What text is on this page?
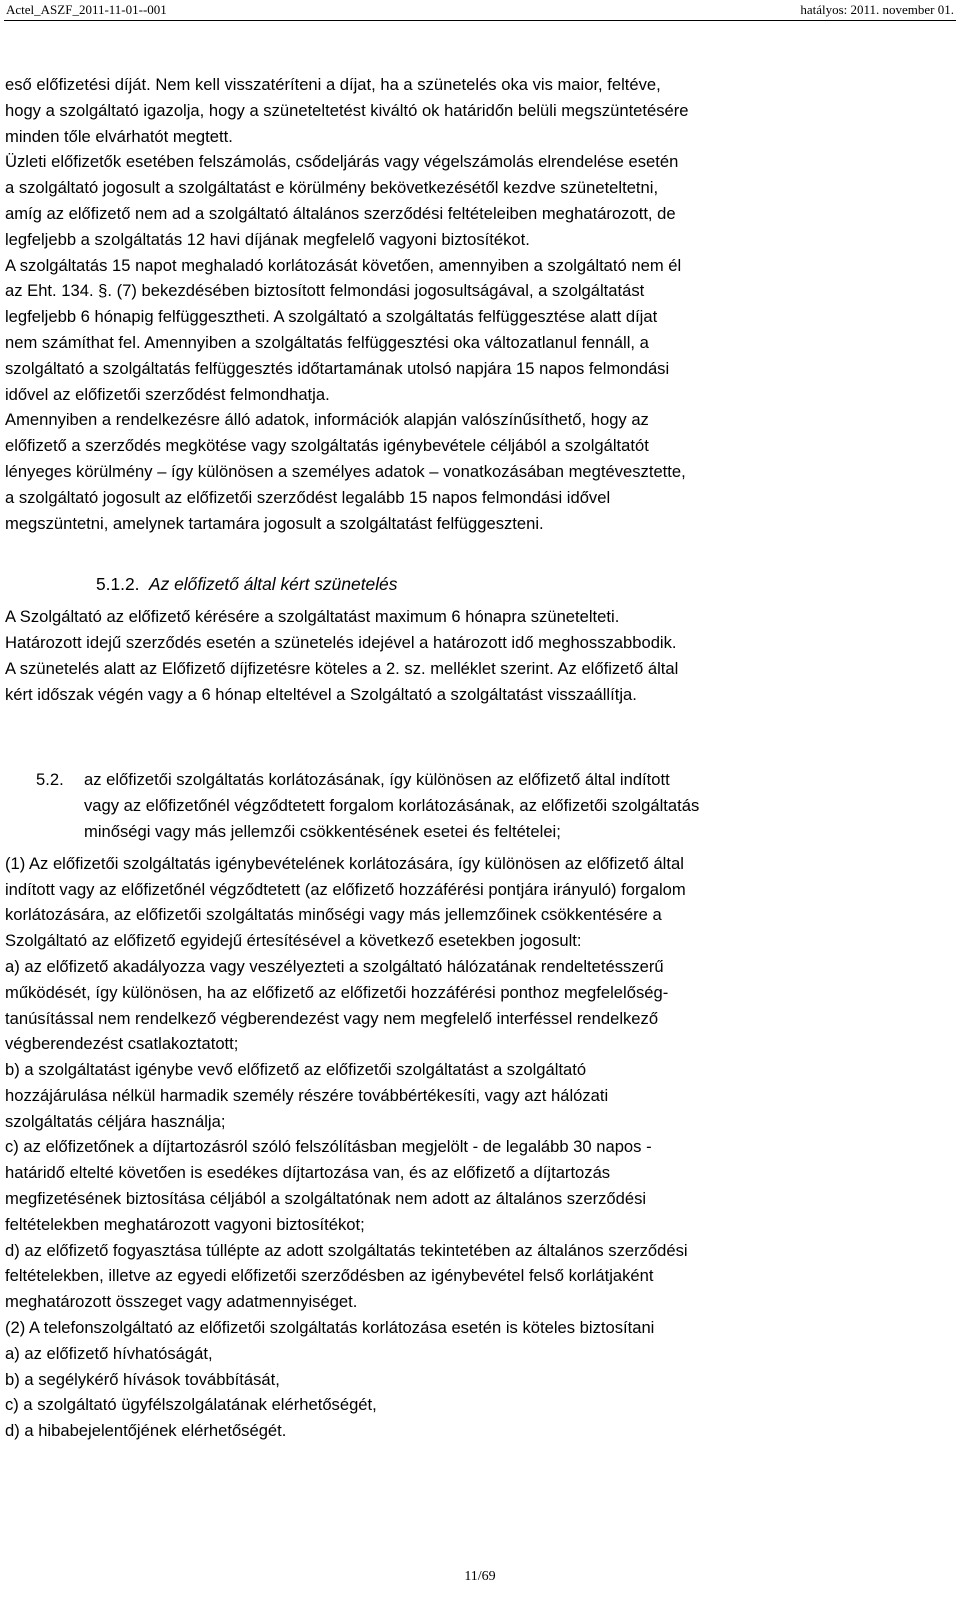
Actel_ASZF_2011-11-01--001	hatályos: 2011. november 01.
eső előfizetési díját. Nem kell visszatéríteni a díjat, ha a szünetelés oka vis maior, feltéve,
hogy a szolgáltató igazolja, hogy a szüneteltetést kiváltó ok határidőn belüli megszüntetésére
minden tőle elvárhatót megtett.
Üzleti előfizetők esetében felszámolás, csődeljárás vagy végelszámolás elrendelése esetén
a szolgáltató jogosult a szolgáltatást e körülmény bekövetkezésétől kezdve szüneteltetni,
amíg az előfizető nem ad a szolgáltató általános szerződési feltételeiben meghatározott, de
legfeljebb a szolgáltatás 12 havi díjának megfelelő vagyoni biztosítékot.
A szolgáltatás 15 napot meghaladó korlátozását követően, amennyiben a szolgáltató nem él
az Eht. 134. §. (7) bekezdésében biztosított felmondási jogosultságával, a szolgáltatást
legfeljebb 6 hónapig felfüggesztheti. A szolgáltató a szolgáltatás felfüggesztése alatt díjat
nem számíthat fel. Amennyiben a szolgáltatás felfüggesztési oka változatlanul fennáll, a
szolgáltató a szolgáltatás felfüggesztés időtartamának utolsó napjára 15 napos felmondási
idővel az előfizetői szerződést felmondhatja.
Amennyiben a rendelkezésre álló adatok, információk alapján valószínűsíthető, hogy az
előfizető a szerződés megkötése vagy szolgáltatás igénybevétele céljából a szolgáltatót
lényeges körülmény – így különösen a személyes adatok – vonatkozásában megtévesztette,
a szolgáltató jogosult az előfizetői szerződést legalább 15 napos felmondási idővel
megszüntetni, amelynek tartamára jogosult a szolgáltatást felfüggeszteni.
5.1.2. Az előfizető által kért szünetelés
A Szolgáltató az előfizető kérésére a szolgáltatást maximum 6 hónapra szünetelteti.
Határozott idejű szerződés esetén a szünetelés idejével a határozott idő meghosszabbodik.
A szünetelés alatt az Előfizető díjfizetésre köteles a 2. sz. melléklet szerint. Az előfizető által
kért időszak végén vagy a 6 hónap elteltével a Szolgáltató a szolgáltatást visszaállítja.
5.2. az előfizetői szolgáltatás korlátozásának, így különösen az előfizető által indított
vagy az előfizetőnél végződtetett forgalom korlátozásának, az előfizetői szolgáltatás
minőségi vagy más jellemzői csökkentésének esetei és feltételei;
(1) Az előfizetői szolgáltatás igénybevételének korlátozására, így különösen az előfizető által
indított vagy az előfizetőnél végződtetett (az előfizető hozzáférési pontjára irányuló) forgalom
korlátozására, az előfizetői szolgáltatás minőségi vagy más jellemzőinek csökkentésére a
Szolgáltató az előfizető egyidejű értesítésével a következő esetekben jogosult:
a) az előfizető akadályozza vagy veszélyezteti a szolgáltató hálózatának rendeltetésszerű
működését, így különösen, ha az előfizető az előfizetői hozzáférési ponthoz megfelelőség-
tanúsítással nem rendelkező végberendezést vagy nem megfelelő interféssel rendelkező
végberendezést csatlakoztatott;
b) a szolgáltatást igénybe vevő előfizető az előfizetői szolgáltatást a szolgáltató
hozzájárulása nélkül harmadik személy részére továbbértékesíti, vagy azt hálózati
szolgáltatás céljára használja;
c) az előfizetőnek a díjtartozásról szóló felszólításban megjelölt - de legalább 30 napos -
határidő eltelté követően is esedékes díjtartozása van, és az előfizető a díjtartozás
megfizetésének biztosítása céljából a szolgáltatónak nem adott az általános szerződési
feltételekben meghatározott vagyoni biztosítékot;
d) az előfizető fogyasztása túllépte az adott szolgáltatás tekintetében az általános szerződési
feltételekben, illetve az egyedi előfizetői szerződésben az igénybevétel felső korlátjaként
meghatározott összeget vagy adatmennyiséget.
(2) A telefonszolgáltató az előfizetői szolgáltatás korlátozása esetén is köteles biztosítani
a) az előfizető hívhatóságát,
b) a segélykérő hívások továbbítását,
c) a szolgáltató ügyfélszolgálatának elérhetőségét,
d) a hibabejelentőjének elérhetőségét.
11/69
